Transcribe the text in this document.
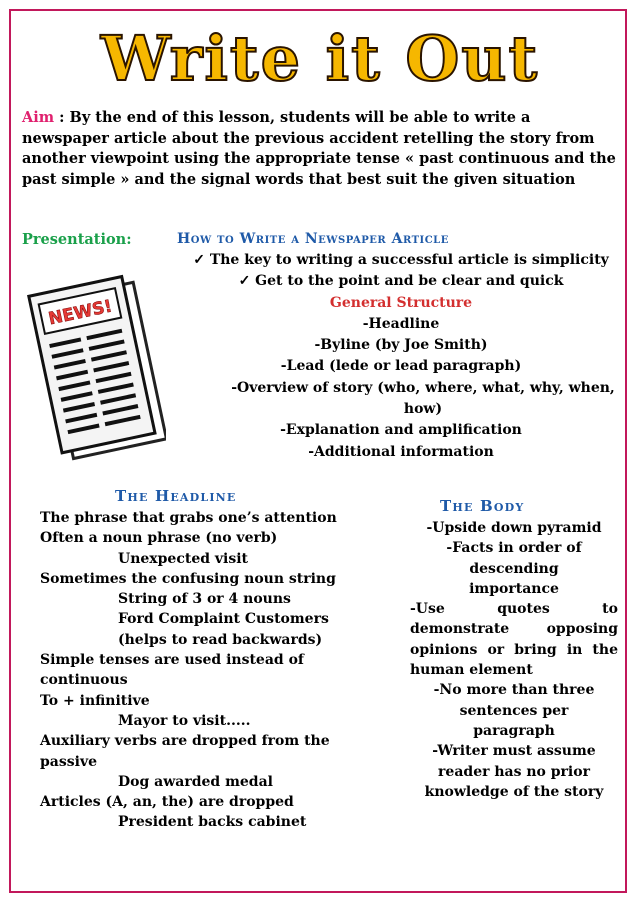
Write it Out
Aim : By the end of this lesson, students will be able to write a newspaper article about the previous accident retelling the story from another viewpoint using the appropriate tense « past continuous and the past simple » and the signal words that best suit the given situation
Presentation:	How to Write a Newspaper Article
✓ The key to writing a successful article is simplicity
✓ Get to the point and be clear and quick
General Structure
-Headline
-Byline (by Joe Smith)
-Lead (lede or lead paragraph)
-Overview of story (who, where, what, why, when, how)
-Explanation and amplification
-Additional information
NEWS!
The Headline
The phrase that grabs one’s attention
Often a noun phrase (no verb)
Unexpected visit
Sometimes the confusing noun string
String of 3 or 4 nouns
Ford Complaint Customers
(helps to read backwards)
Simple tenses are used instead of continuous
To + infinitive
Mayor to visit.....
Auxiliary verbs are dropped from the passive
Dog awarded medal
Articles (A, an, the) are dropped
President backs cabinet
The Body
-Upside down pyramid
-Facts in order of descending importance
-Use quotes to demonstrate opposing opinions or bring in the human element
-No more than three sentences per paragraph
-Writer must assume reader has no prior knowledge of the story
